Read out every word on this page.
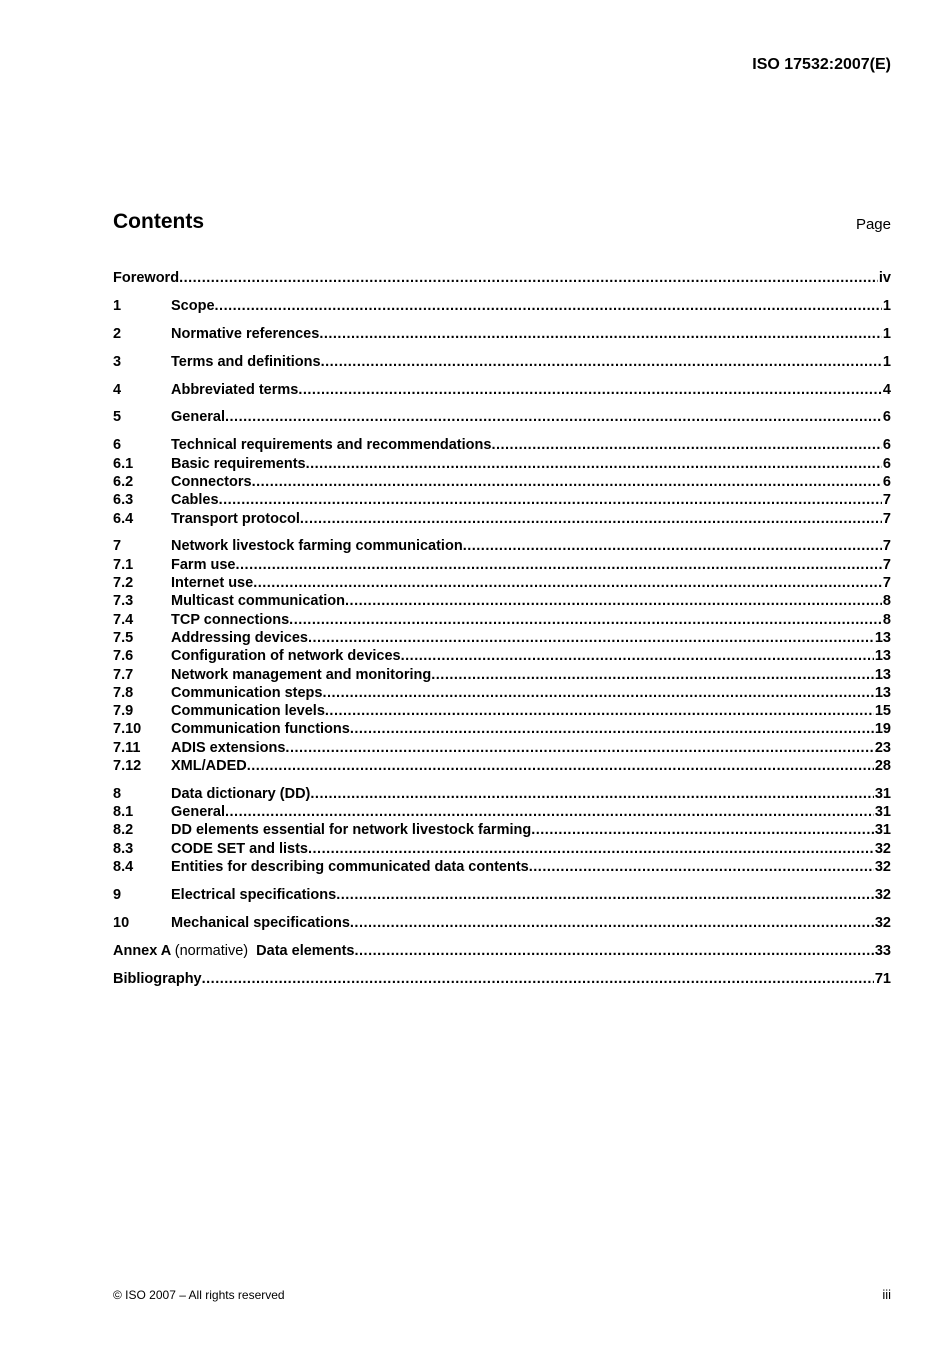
ISO 17532:2007(E)
Contents	Page
Foreword .....	iv
1	Scope .....	1
2	Normative references .....	1
3	Terms and definitions .....	1
4	Abbreviated terms .....	4
5	General .....	6
6	Technical requirements and recommendations .....	6
6.1	Basic requirements .....	6
6.2	Connectors .....	6
6.3	Cables .....	7
6.4	Transport protocol .....	7
7	Network livestock farming communication .....	7
7.1	Farm use .....	7
7.2	Internet use .....	7
7.3	Multicast communication .....	8
7.4	TCP connections .....	8
7.5	Addressing devices .....	13
7.6	Configuration of network devices .....	13
7.7	Network management and monitoring .....	13
7.8	Communication steps .....	13
7.9	Communication levels .....	15
7.10	Communication functions .....	19
7.11	ADIS extensions .....	23
7.12	XML/ADED .....	28
8	Data dictionary (DD) .....	31
8.1	General .....	31
8.2	DD elements essential for network livestock farming .....	31
8.3	CODE SET and lists .....	32
8.4	Entities for describing communicated data contents .....	32
9	Electrical specifications .....	32
10	Mechanical specifications .....	32
Annex A (normative) Data elements .....	33
Bibliography .....	71
© ISO 2007 – All rights reserved	iii
